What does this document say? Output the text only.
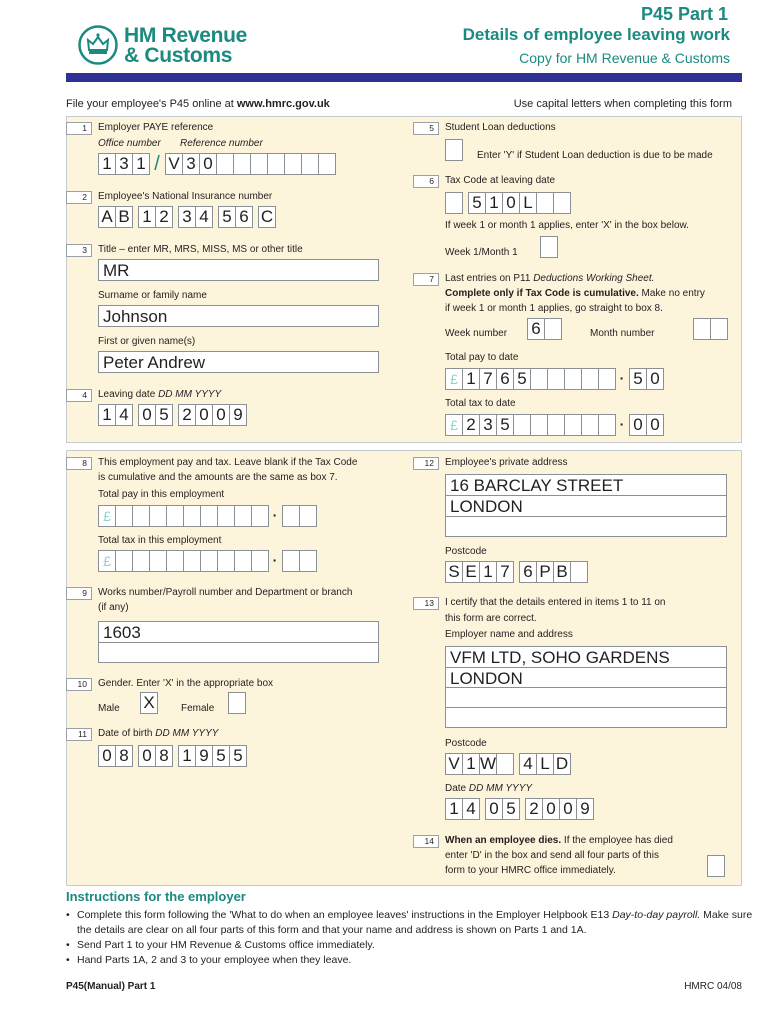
HM Revenue
& Customs
P45 Part 1
Details of employee leaving work
Copy for HM Revenue & Customs
File your employee's P45 online at www.hmrc.gov.uk	Use capital letters when completing this form
1	Employer PAYE reference
Office number Reference number
1 3 1 / V 3 0
2	Employee's National Insurance number
A B 1 2 3 4 5 6 C
3	Title – enter MR, MRS, MISS, MS or other title
MR
Surname or family name
Johnson
First or given name(s)
Peter Andrew
4	Leaving date DD MM YYYY
1 4 0 5 2 0 0 9
5	Student Loan deductions
Enter 'Y' if Student Loan deduction is due to be made
6	Tax Code at leaving date
5 1 0 L
If week 1 or month 1 applies, enter 'X' in the box below.
Week 1/Month 1
7	Last entries on P11 Deductions Working Sheet.
Complete only if Tax Code is cumulative. Make no entry
if week 1 or month 1 applies, go straight to box 8.
Week number 6	Month number
Total pay to date
£ 1 7 6 5	· 5 0
Total tax to date
£ 2 3 5	· 0 0
8	This employment pay and tax. Leave blank if the Tax Code
is cumulative and the amounts are the same as box 7.
Total pay in this employment
£	·
Total tax in this employment
£	·
9	Works number/Payroll number and Department or branch
(if any)
1603
10	Gender. Enter 'X' in the appropriate box
Male X	Female
11	Date of birth DD MM YYYY
0 8 0 8 1 9 5 5
12	Employee's private address
16 BARCLAY STREET
LONDON
Postcode
S E 1 7 6 P B
13	I certify that the details entered in items 1 to 11 on
this form are correct.
Employer name and address
VFM LTD, SOHO GARDENS
LONDON
Postcode
V 1 W 4 L D
Date DD MM YYYY
1 4 0 5 2 0 0 9
14	When an employee dies. If the employee has died
enter 'D' in the box and send all four parts of this
form to your HMRC office immediately.
Instructions for the employer
• Complete this form following the 'What to do when an employee leaves' instructions in the Employer Helpbook E13 Day-to-day payroll. Make sure the details are clear on all four parts of this form and that your name and address is shown on Parts 1 and 1A.
• Send Part 1 to your HM Revenue & Customs office immediately.
• Hand Parts 1A, 2 and 3 to your employee when they leave.
P45(Manual) Part 1	HMRC 04/08
